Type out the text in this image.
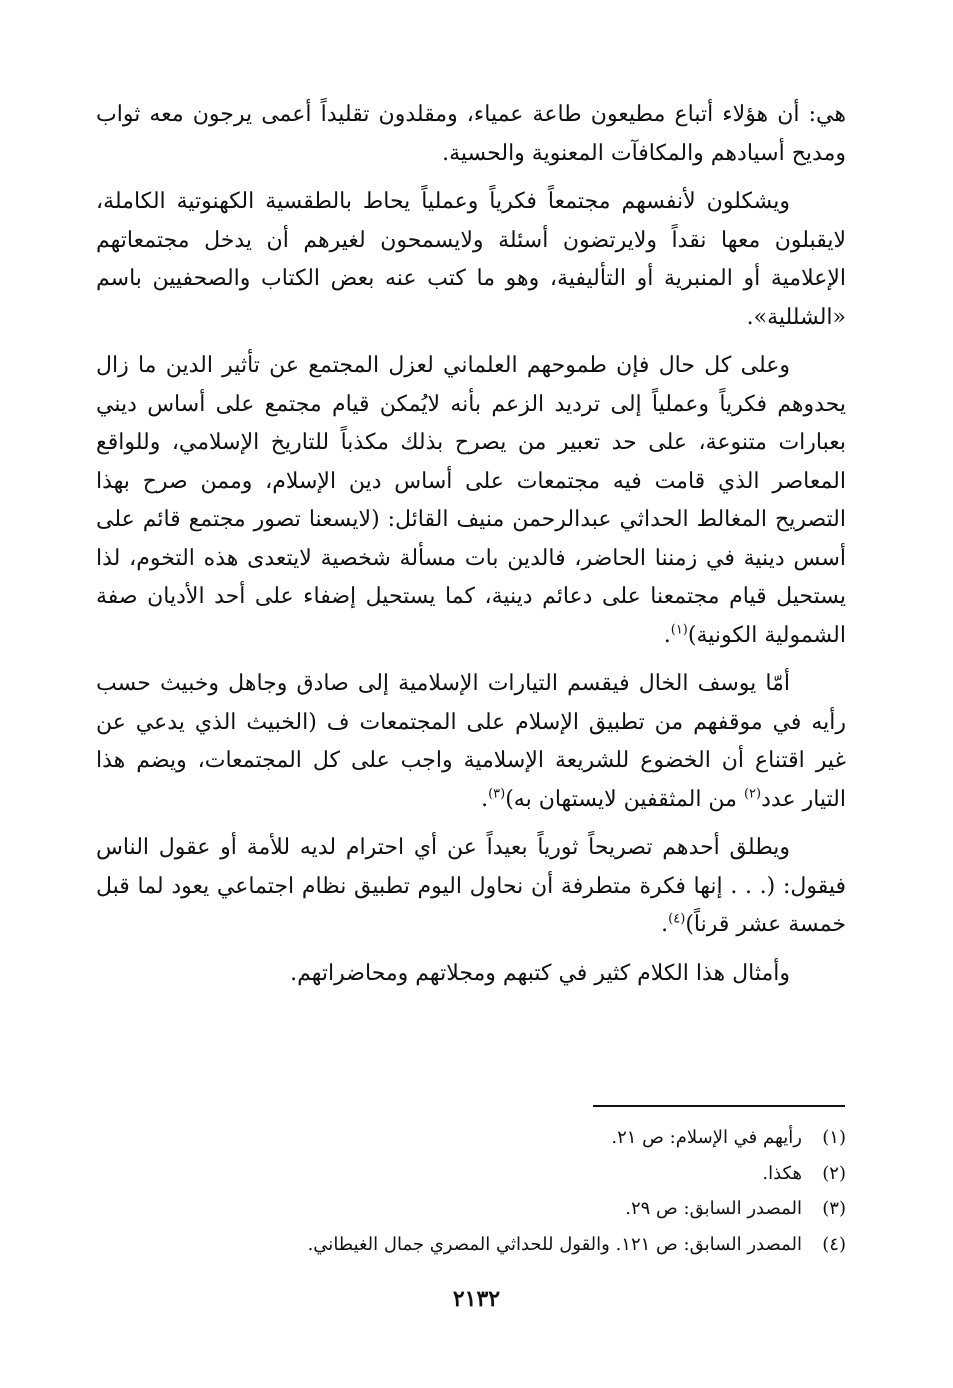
هي: أن هؤلاء أتباع مطيعون طاعة عمياء، ومقلدون تقليداً أعمى يرجون معه ثواب ومديح أسيادهم والمكافآت المعنوية والحسية.

ويشكلون لأنفسهم مجتمعاً فكرياً وعملياً يحاط بالطقسية الكهنوتية الكاملة، لايقبلون معها نقداً ولايرتضون أسئلة ولايسمحون لغيرهم أن يدخل مجتمعاتهم الإعلامية أو المنبرية أو التأليفية، وهو ما كتب عنه بعض الكتاب والصحفيين باسم «الشللية».

وعلى كل حال فإن طموحهم العلماني لعزل المجتمع عن تأثير الدين ما زال يحدوهم فكرياً وعملياً إلى ترديد الزعم بأنه لايُمكن قيام مجتمع على أساس ديني بعبارات متنوعة، على حد تعبير من يصرح بذلك مكذباً للتاريخ الإسلامي، وللواقع المعاصر الذي قامت فيه مجتمعات على أساس دين الإسلام، وممن صرح بهذا التصريح المغالط الحداثي عبدالرحمن منيف القائل: (لايسعنا تصور مجتمع قائم على أسس دينية في زمننا الحاضر، فالدين بات مسألة شخصية لايتعدى هذه التخوم، لذا يستحيل قيام مجتمعنا على دعائم دينية، كما يستحيل إضفاء على أحد الأديان صفة الشمولية الكونية)$^{(١)}$.

أمّا يوسف الخال فيقسم التيارات الإسلامية إلى صادق وجاهل وخبيث حسب رأيه في موقفهم من تطبيق الإسلام على المجتمعات ف (الخبيث الذي يدعي عن غير اقتناع أن الخضوع للشريعة الإسلامية واجب على كل المجتمعات، ويضم هذا التيار عدد$^{(٢)}$ من المثقفين لايستهان به)$^{(٣)}$.

ويطلق أحدهم تصريحاً ثورياً بعيداً عن أي احترام لديه للأمة أو عقول الناس فيقول: (. . . إنها فكرة متطرفة أن نحاول اليوم تطبيق نظام اجتماعي يعود لما قبل خمسة عشر قرناً)$^{(٤)}$.

وأمثال هذا الكلام كثير في كتبهم ومجلاتهم ومحاضراتهم.

(١)
رأيهم في الإسلام: ص ٢١.
(٢)
هكذا.
(٣)
المصدر السابق: ص ٢٩.
(٤)
المصدر السابق: ص ١٢١. والقول للحداثي المصري جمال الغيطاني.
٢١٣٢
